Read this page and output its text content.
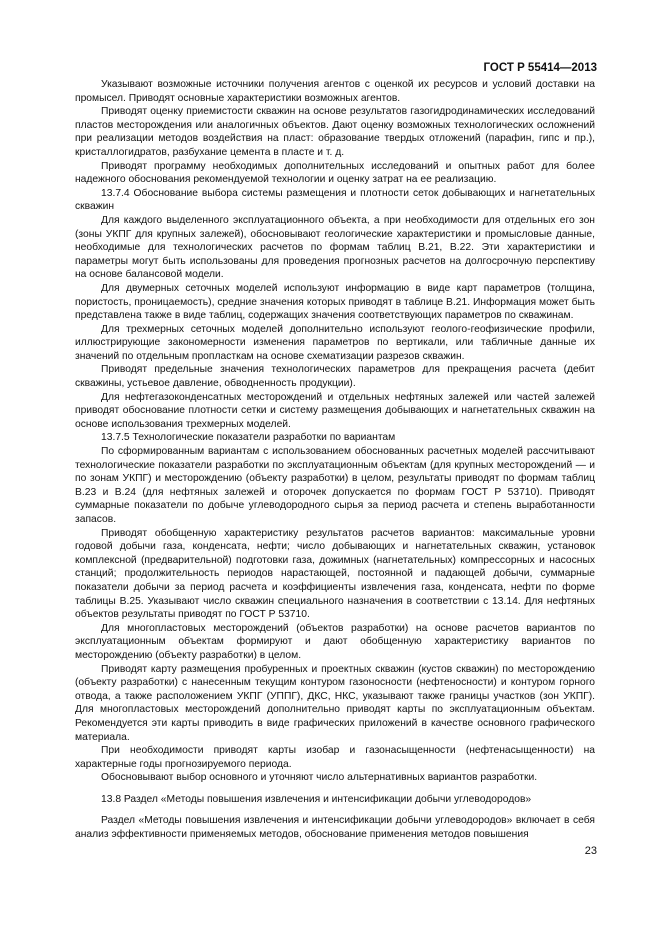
ГОСТ Р 55414—2013

Указывают возможные источники получения агентов с оценкой их ресурсов и условий доставки на промысел. Приводят основные характеристики возможных агентов.

Приводят оценку приемистости скважин на основе результатов газогидродинамических исследований пластов месторождения или аналогичных объектов. Дают оценку возможных технологических осложнений при реализации методов воздействия на пласт: образование твердых отложений (парафин, гипс и пр.), кристаллогидратов, разбухание цемента в пласте и т. д.

Приводят программу необходимых дополнительных исследований и опытных работ для более надежного обоснования рекомендуемой технологии и оценку затрат на ее реализацию.

13.7.4 Обоснование выбора системы размещения и плотности сеток добывающих и нагнетательных скважин

Для каждого выделенного эксплуатационного объекта, а при необходимости для отдельных его зон (зоны УКПГ для крупных залежей), обосновывают геологические характеристики и промысловые данные, необходимые для технологических расчетов по формам таблиц В.21, В.22. Эти характеристики и параметры могут быть использованы для проведения прогнозных расчетов на долгосрочную перспективу на основе балансовой модели.

Для двумерных сеточных моделей используют информацию в виде карт параметров (толщина, пористость, проницаемость), средние значения которых приводят в таблице В.21. Информация может быть представлена также в виде таблиц, содержащих значения соответствующих параметров по скважинам.

Для трехмерных сеточных моделей дополнительно используют геолого-геофизические профили, иллюстрирующие закономерности изменения параметров по вертикали, или табличные данные их значений по отдельным пропласткам на основе схематизации разрезов скважин.

Приводят предельные значения технологических параметров для прекращения расчета (дебит скважины, устьевое давление, обводненность продукции).

Для нефтегазоконденсатных месторождений и отдельных нефтяных залежей или частей залежей приводят обоснование плотности сетки и систему размещения добывающих и нагнетательных скважин на основе использования трехмерных моделей.

13.7.5 Технологические показатели разработки по вариантам

По сформированным вариантам с использованием обоснованных расчетных моделей рассчитывают технологические показатели разработки по эксплуатационным объектам (для крупных месторождений — и по зонам УКПГ) и месторождению (объекту разработки) в целом, результаты приводят по формам таблиц В.23 и В.24 (для нефтяных залежей и оторочек допускается по формам ГОСТ Р 53710). Приводят суммарные показатели по добыче углеводородного сырья за период расчета и степень выработанности запасов.

Приводят обобщенную характеристику результатов расчетов вариантов: максимальные уровни годовой добычи газа, конденсата, нефти; число добывающих и нагнетательных скважин, установок комплексной (предварительной) подготовки газа, дожимных (нагнетательных) компрессорных и насосных станций; продолжительность периодов нарастающей, постоянной и падающей добычи, суммарные показатели добычи за период расчета и коэффициенты извлечения газа, конденсата, нефти по форме таблицы В.25. Указывают число скважин специального назначения в соответствии с 13.14. Для нефтяных объектов результаты приводят по ГОСТ Р 53710.

Для многопластовых месторождений (объектов разработки) на основе расчетов вариантов по эксплуатационным объектам формируют и дают обобщенную характеристику вариантов по месторождению (объекту разработки) в целом.

Приводят карту размещения пробуренных и проектных скважин (кустов скважин) по месторождению (объекту разработки) с нанесенным текущим контуром газоносности (нефтеносности) и контуром горного отвода, а также расположением УКПГ (УППГ), ДКС, НКС, указывают также границы участков (зон УКПГ). Для многопластовых месторождений дополнительно приводят карты по эксплуатационным объектам. Рекомендуется эти карты приводить в виде графических приложений в качестве основного графического материала.

При необходимости приводят карты изобар и газонасыщенности (нефтенасыщенности) на характерные годы прогнозируемого периода.

Обосновывают выбор основного и уточняют число альтернативных вариантов разработки.

13.8 Раздел «Методы повышения извлечения и интенсификации добычи углеводородов»

Раздел «Методы повышения извлечения и интенсификации добычи углеводородов» включает в себя анализ эффективности применяемых методов, обоснование применения методов повышения

23
